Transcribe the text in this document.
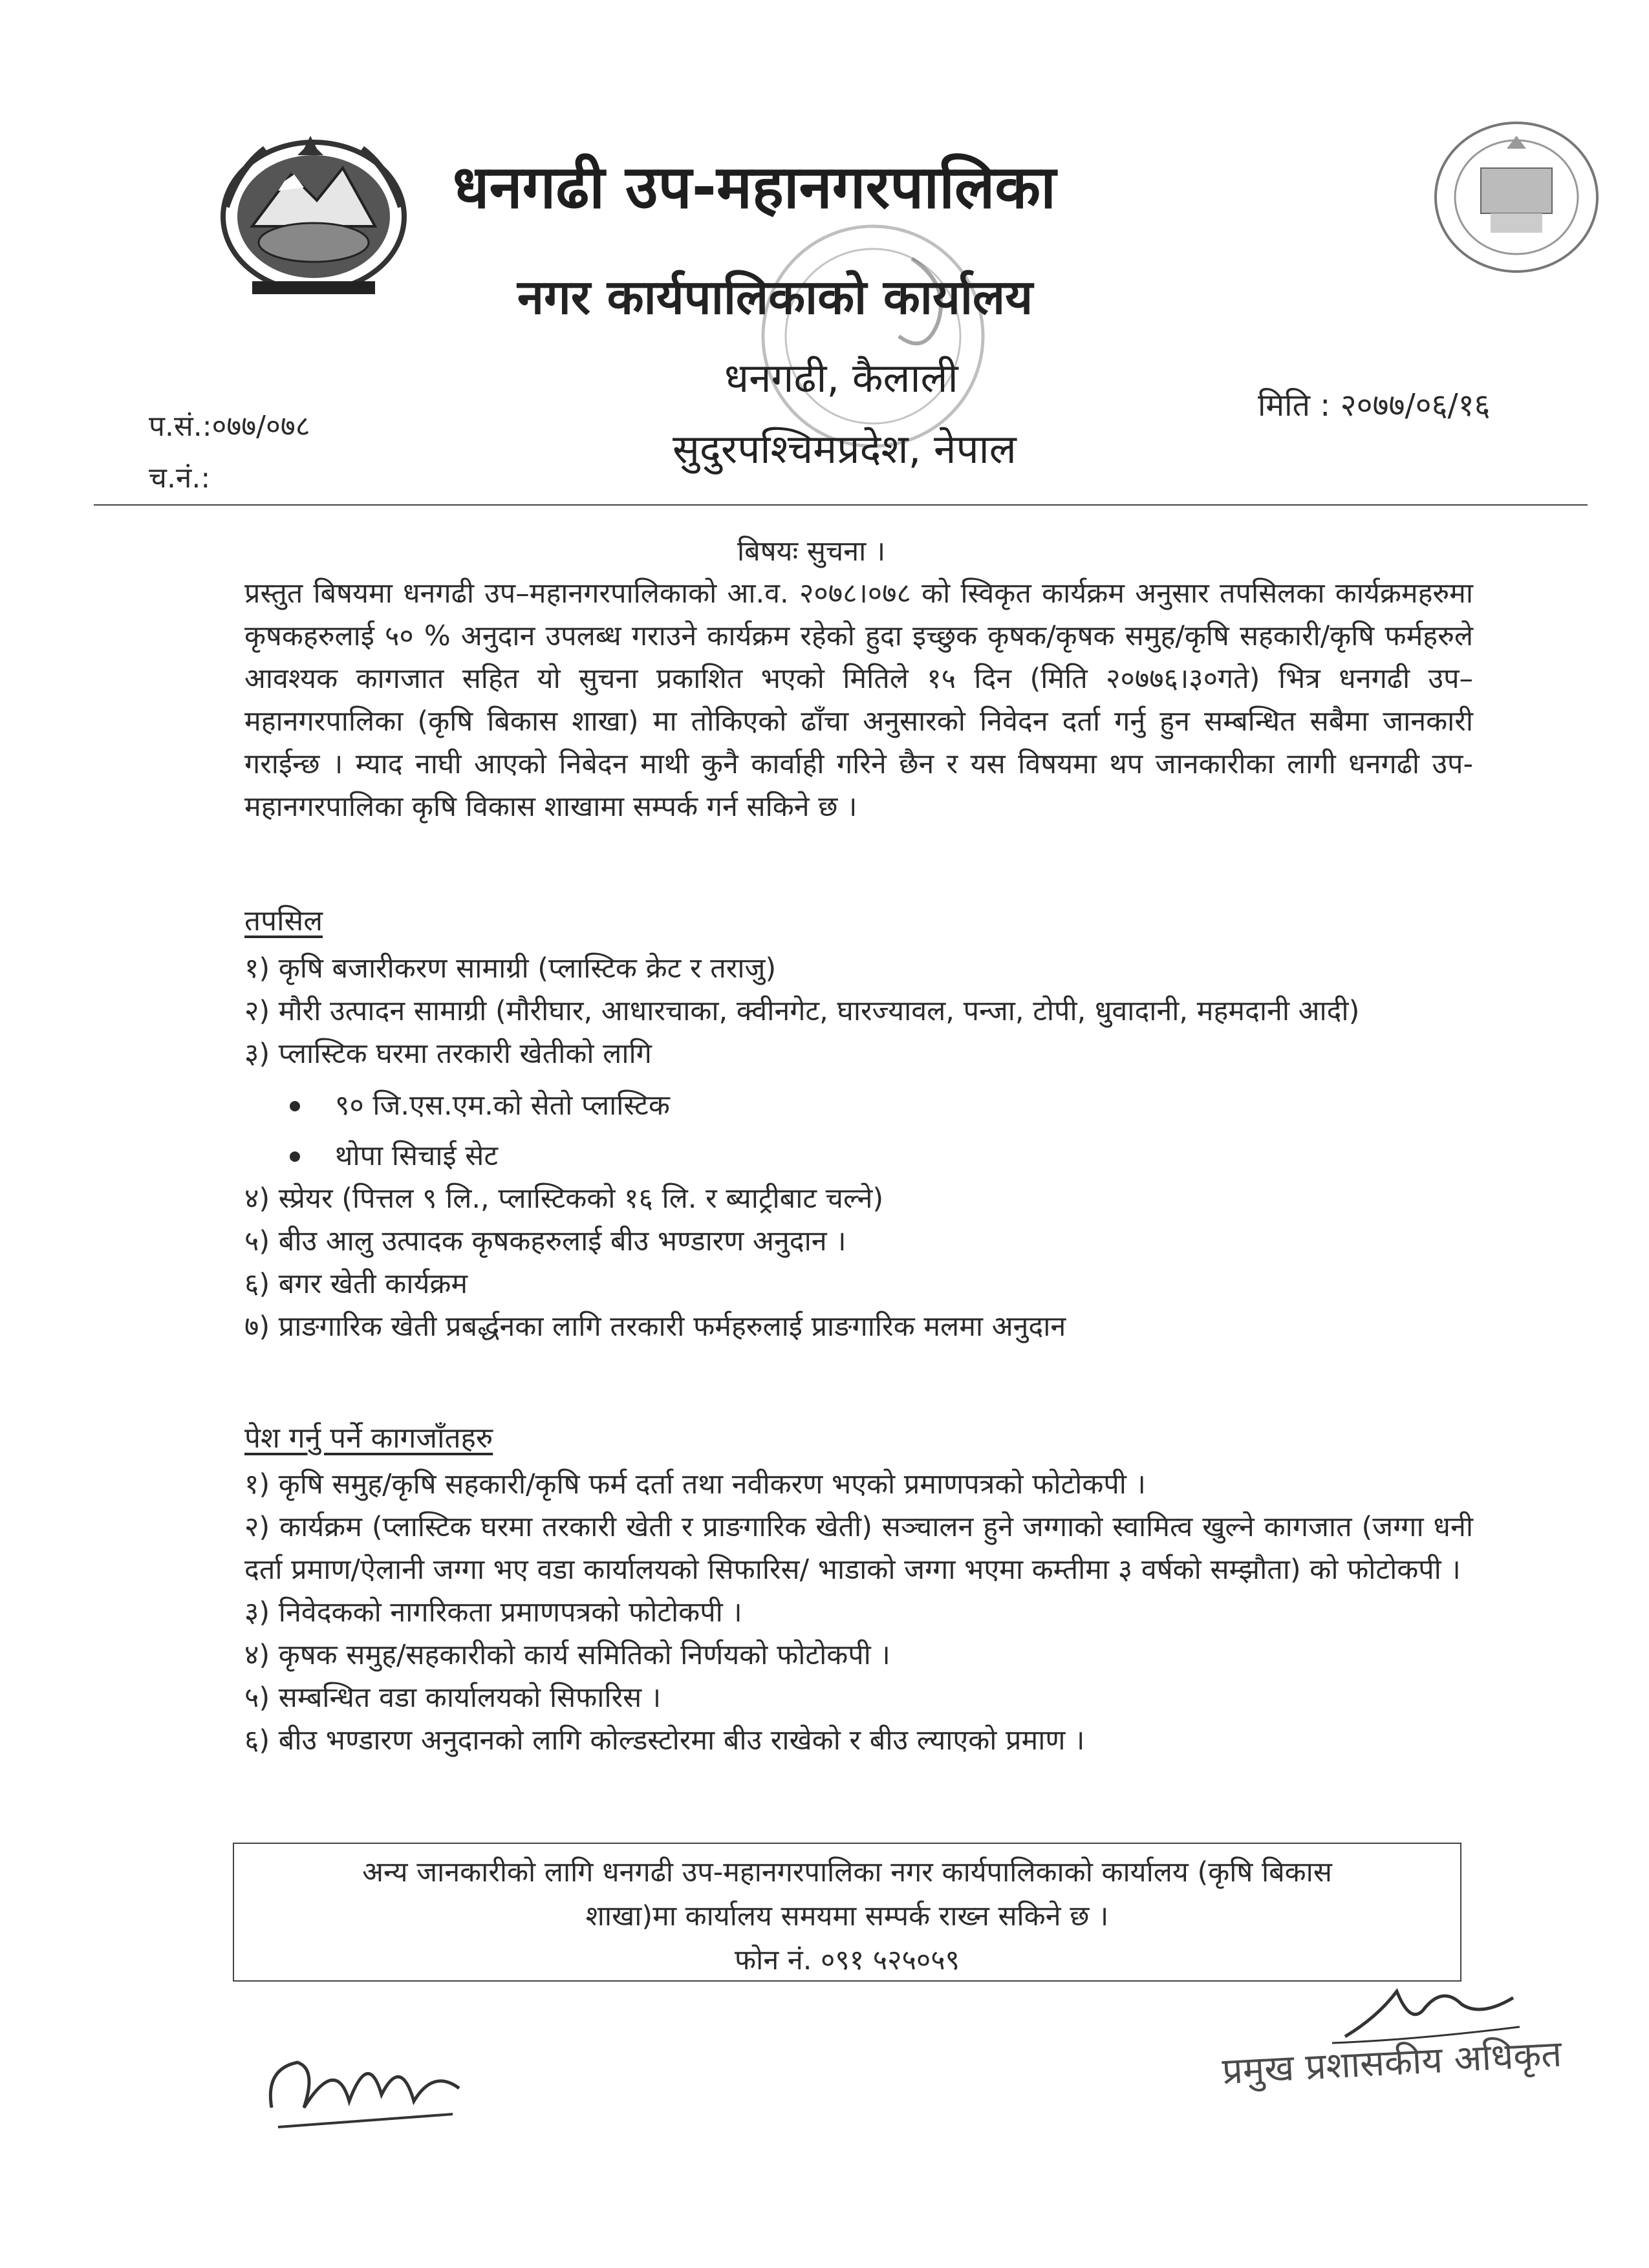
धनगढी उप-महानगरपालिका
नगर कार्यपालिकाको कार्यालय
धनगढी, कैलाली
सुदुरपश्चिमप्रदेश, नेपाल
प.सं.:०७७/०७८
च.नं.:
मिति : २०७७/०६/१६
बिषयः सुचना ।
प्रस्तुत बिषयमा धनगढी उप–महानगरपालिकाको आ.व. २०७८।०७८ को स्विकृत कार्यक्रम अनुसार तपसिलका कार्यक्रमहरुमा कृषकहरुलाई ५० % अनुदान उपलब्ध गराउने कार्यक्रम रहेको हुदा इच्छुक कृषक/कृषक समुह/कृषि सहकारी/कृषि फर्महरुले आवश्यक कागजात सहित यो सुचना प्रकाशित भएको मितिले १५ दिन (मिति २०७७६।३०गते) भित्र धनगढी उप–महानगरपालिका (कृषि बिकास शाखा) मा तोकिएको ढाँचा अनुसारको निवेदन दर्ता गर्नु हुन सम्बन्धित सबैमा जानकारी गराईन्छ । म्याद नाघी आएको निबेदन माथी कुनै कार्वाही गरिने छैन र यस विषयमा थप जानकारीका लागी धनगढी उप-महानगरपालिका कृषि विकास शाखामा सम्पर्क गर्न सकिने छ ।
तपसिल
१) कृषि बजारीकरण सामाग्री (प्लास्टिक क्रेट र तराजु)
२) मौरी उत्पादन सामाग्री (मौरीघार, आधारचाका, क्वीनगेट, घारज्यावल, पन्जा, टोपी, धुवादानी, महमदानी आदी)
३) प्लास्टिक घरमा तरकारी खेतीको लागि
९० जि.एस.एम.को सेतो प्लास्टिक
थोपा सिचाई सेट
४) स्प्रेयर (पित्तल ९ लि., प्लास्टिकको १६ लि. र ब्याट्रीबाट चल्ने)
५) बीउ आलु उत्पादक कृषकहरुलाई बीउ भण्डारण अनुदान ।
६) बगर खेती कार्यक्रम
७) प्राङगारिक खेती प्रबर्द्धनका लागि तरकारी फर्महरुलाई प्राङगारिक मलमा अनुदान
पेश गर्नु पर्ने कागजाँतहरु
१) कृषि समुह/कृषि सहकारी/कृषि फर्म दर्ता तथा नवीकरण भएको प्रमाणपत्रको फोटोकपी ।
२) कार्यक्रम (प्लास्टिक घरमा तरकारी खेती र प्राङगारिक खेती) सञ्चालन हुने जग्गाको स्वामित्व खुल्ने कागजात (जग्गा धनी दर्ता प्रमाण/ऐलानी जग्गा भए वडा कार्यालयको सिफारिस/ भाडाको जग्गा भएमा कम्तीमा ३ वर्षको सम्झौता) को फोटोकपी ।
३) निवेदकको नागरिकता प्रमाणपत्रको फोटोकपी ।
४) कृषक समुह/सहकारीको कार्य समितिको निर्णयको फोटोकपी ।
५) सम्बन्धित वडा कार्यालयको सिफारिस ।
६) बीउ भण्डारण अनुदानको लागि कोल्डस्टोरमा बीउ राखेको र बीउ ल्याएको प्रमाण ।
अन्य जानकारीको लागि धनगढी उप-महानगरपालिका नगर कार्यपालिकाको कार्यालय (कृषि बिकास
शाखा)मा कार्यालय समयमा सम्पर्क राख्न सकिने छ ।
फोन नं. ०९१ ५२५०५९
प्रमुख प्रशासकीय अधिकृत
